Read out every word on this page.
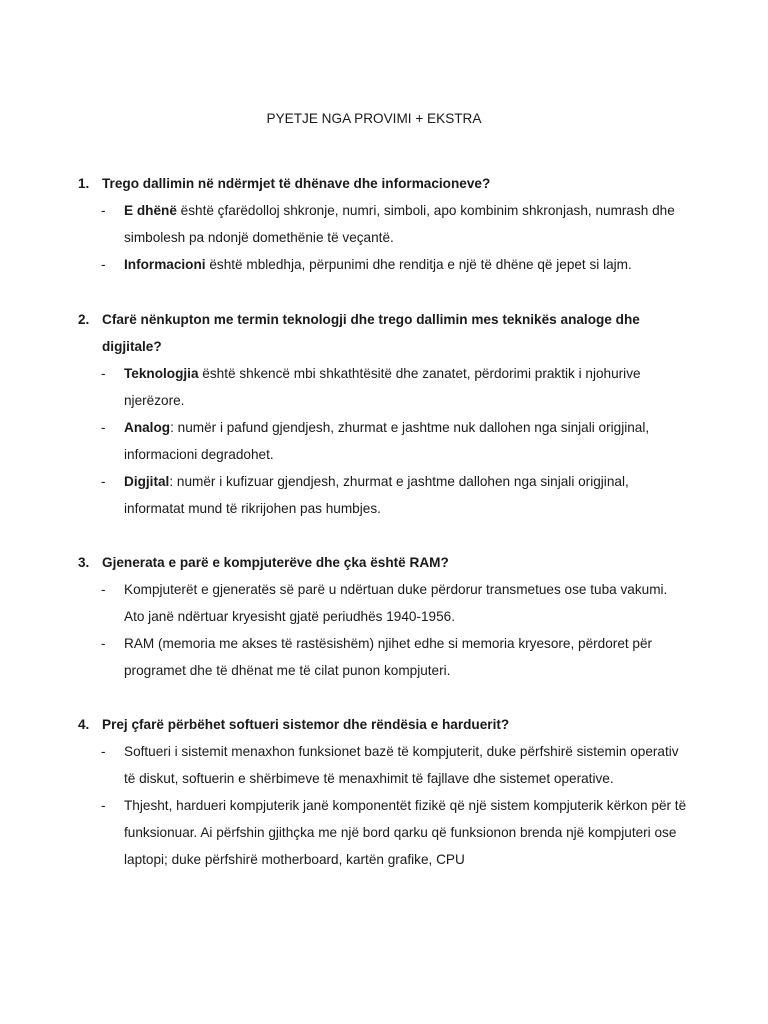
PYETJE NGA PROVIMI + EKSTRA
1. Trego dallimin në ndërmjet të dhënave dhe informacioneve?
-	E dhënë është çfarëdolloj shkronje, numri, simboli, apo kombinim shkronjash, numrash dhe simbolesh pa ndonjë domethënie të veçantë.
-	Informacioni është mbledhja, përpunimi dhe renditja e një të dhëne që jepet si lajm.
2. Cfarë nënkupton me termin teknologji dhe trego dallimin mes teknikës analoge dhe digjitale?
-	Teknologjia është shkencë mbi shkathtësitë dhe zanatet, përdorimi praktik i njohurive njerëzore.
-	Analog: numër i pafund gjendjesh, zhurmat e jashtme nuk dallohen nga sinjali origjinal, informacioni degradohet.
-	Digjital: numër i kufizuar gjendjesh, zhurmat e jashtme dallohen nga sinjali origjinal, informatat mund të rikrijohen pas humbjes.
3. Gjenerata e parë e kompjuterëve dhe çka është RAM?
-	Kompjuterët e gjeneratës së parë u ndërtuan duke përdorur transmetues ose tuba vakumi. Ato janë ndërtuar kryesisht gjatë periudhës 1940-1956.
-	RAM (memoria me akses të rastësishëm) njihet edhe si memoria kryesore, përdoret për programet dhe të dhënat me të cilat punon kompjuteri.
4. Prej çfarë përbëhet softueri sistemor dhe rëndësia e harduerit?
-	Softueri i sistemit menaxhon funksionet bazë të kompjuterit, duke përfshirë sistemin operativ të diskut, softuerin e shërbimeve të menaxhimit të fajllave dhe sistemet operative.
-	Thjesht, hardueri kompjuterik janë komponentët fizikë që një sistem kompjuterik kërkon për të funksionuar. Ai përfshin gjithçka me një bord qarku që funksionon brenda një kompjuteri ose laptopi; duke përfshirë motherboard, kartën grafike, CPU
